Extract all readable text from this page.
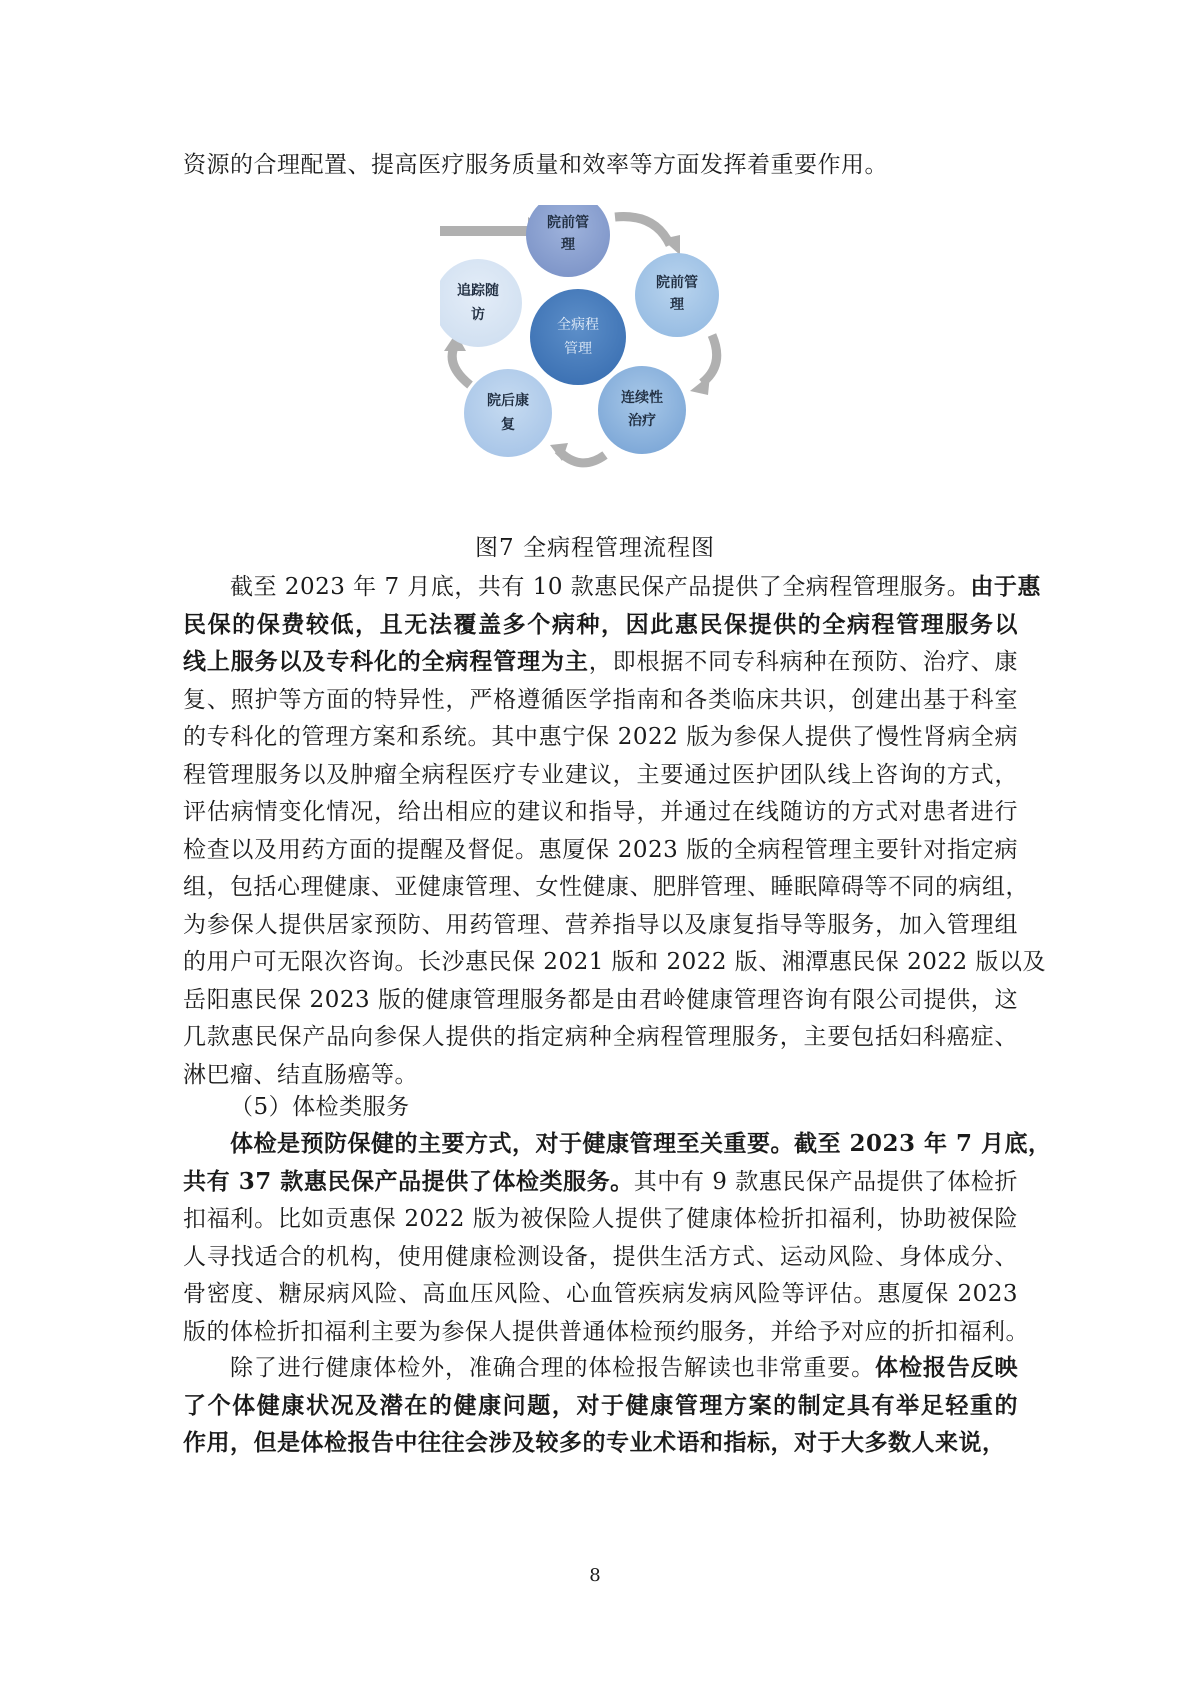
资源的合理配置、提高医疗服务质量和效率等方面发挥着重要作用。
院前管
理
院前管
理
连续性
治疗
院后康
复
追踪随
访
全病程
管理
图7 全病程管理流程图
截至 2023 年 7 月底，共有 10 款惠民保产品提供了全病程管理服务。由于惠
民保的保费较低，且无法覆盖多个病种，因此惠民保提供的全病程管理服务以
线上服务以及专科化的全病程管理为主，即根据不同专科病种在预防、治疗、康
复、照护等方面的特异性，严格遵循医学指南和各类临床共识，创建出基于科室
的专科化的管理方案和系统。其中惠宁保 2022 版为参保人提供了慢性肾病全病
程管理服务以及肿瘤全病程医疗专业建议，主要通过医护团队线上咨询的方式，
评估病情变化情况，给出相应的建议和指导，并通过在线随访的方式对患者进行
检查以及用药方面的提醒及督促。惠厦保 2023 版的全病程管理主要针对指定病
组，包括心理健康、亚健康管理、女性健康、肥胖管理、睡眠障碍等不同的病组，
为参保人提供居家预防、用药管理、营养指导以及康复指导等服务，加入管理组
的用户可无限次咨询。长沙惠民保 2021 版和 2022 版、湘潭惠民保 2022 版以及
岳阳惠民保 2023 版的健康管理服务都是由君岭健康管理咨询有限公司提供，这
几款惠民保产品向参保人提供的指定病种全病程管理服务，主要包括妇科癌症、
淋巴瘤、结直肠癌等。
（5）体检类服务
体检是预防保健的主要方式，对于健康管理至关重要。截至 2023 年 7 月底，
共有 37 款惠民保产品提供了体检类服务。其中有 9 款惠民保产品提供了体检折
扣福利。比如贡惠保 2022 版为被保险人提供了健康体检折扣福利，协助被保险
人寻找适合的机构，使用健康检测设备，提供生活方式、运动风险、身体成分、
骨密度、糖尿病风险、高血压风险、心血管疾病发病风险等评估。惠厦保 2023
版的体检折扣福利主要为参保人提供普通体检预约服务，并给予对应的折扣福利。
除了进行健康体检外，准确合理的体检报告解读也非常重要。体检报告反映
了个体健康状况及潜在的健康问题，对于健康管理方案的制定具有举足轻重的
作用，但是体检报告中往往会涉及较多的专业术语和指标，对于大多数人来说，
8
